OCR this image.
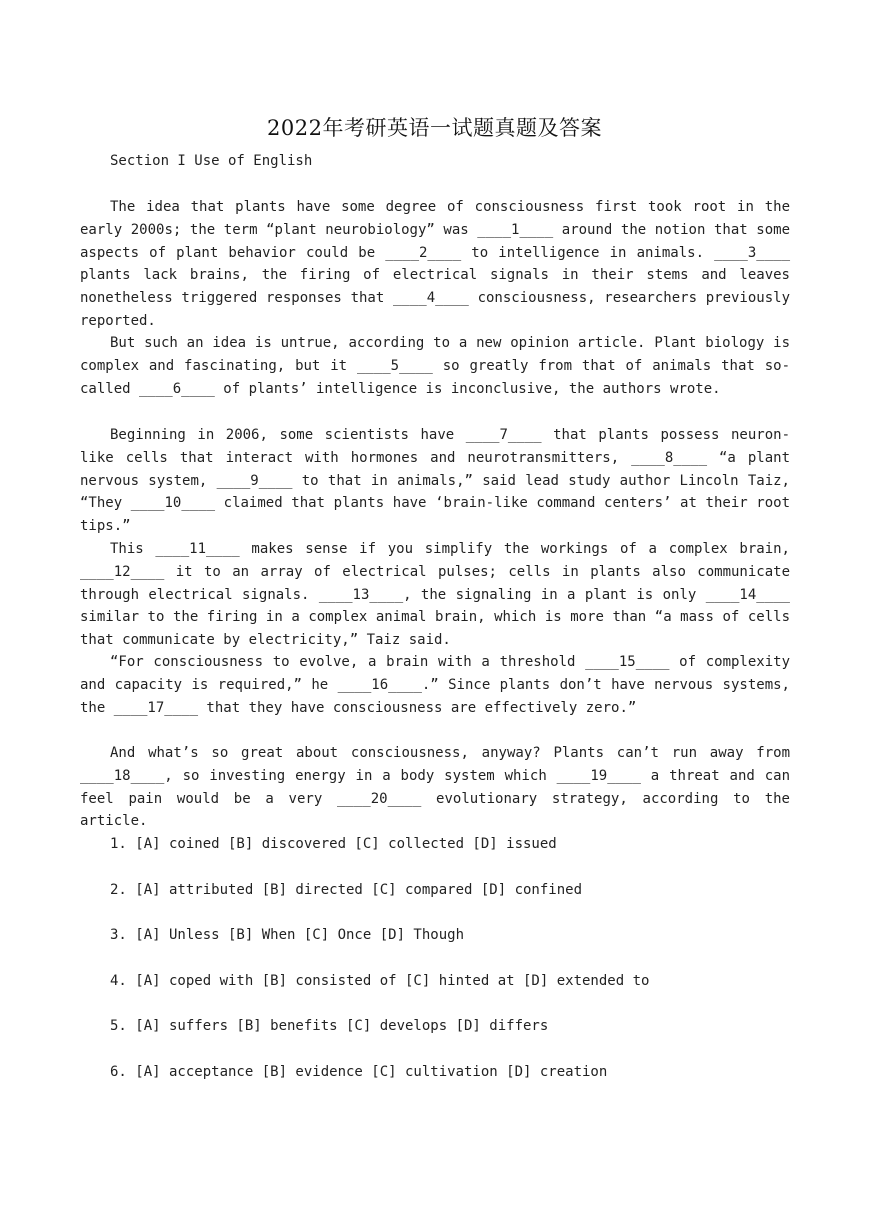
2022年考研英语一试题真题及答案
Section I Use of English

The idea that plants have some degree of consciousness first took root in the early 2000s; the term “plant neurobiology” was ____1____ around the notion that some aspects of plant behavior could be ____2____ to intelligence in animals. ____3____ plants lack brains, the firing of electrical signals in their stems and leaves nonetheless triggered responses that ____4____ consciousness, researchers previously reported.

But such an idea is untrue, according to a new opinion article. Plant biology is complex and fascinating, but it ____5____ so greatly from that of animals that so-called ____6____ of plants’ intelligence is inconclusive, the authors wrote.

Beginning in 2006, some scientists have ____7____ that plants possess neuron-like cells that interact with hormones and neurotransmitters, ____8____ “a plant nervous system, ____9____ to that in animals,” said lead study author Lincoln Taiz, “They ____10____ claimed that plants have ‘brain-like command centers’ at their root tips.”

This ____11____ makes sense if you simplify the workings of a complex brain, ____12____ it to an array of electrical pulses; cells in plants also communicate through electrical signals. ____13____, the signaling in a plant is only ____14____ similar to the firing in a complex animal brain, which is more than “a mass of cells that communicate by electricity,” Taiz said.

“For consciousness to evolve, a brain with a threshold ____15____ of complexity and capacity is required,” he ____16____.” Since plants don’t have nervous systems, the ____17____ that they have consciousness are effectively zero.”

And what’s so great about consciousness, anyway? Plants can’t run away from ____18____, so investing energy in a body system which ____19____ a threat and can feel pain would be a very ____20____ evolutionary strategy, according to the article.

1. [A] coined [B] discovered [C] collected [D] issued
2. [A] attributed [B] directed [C] compared [D] confined
3. [A] Unless [B] When [C] Once [D] Though
4. [A] coped with [B] consisted of [C] hinted at [D] extended to
5. [A] suffers [B] benefits [C] develops [D] differs
6. [A] acceptance [B] evidence [C] cultivation [D] creation
